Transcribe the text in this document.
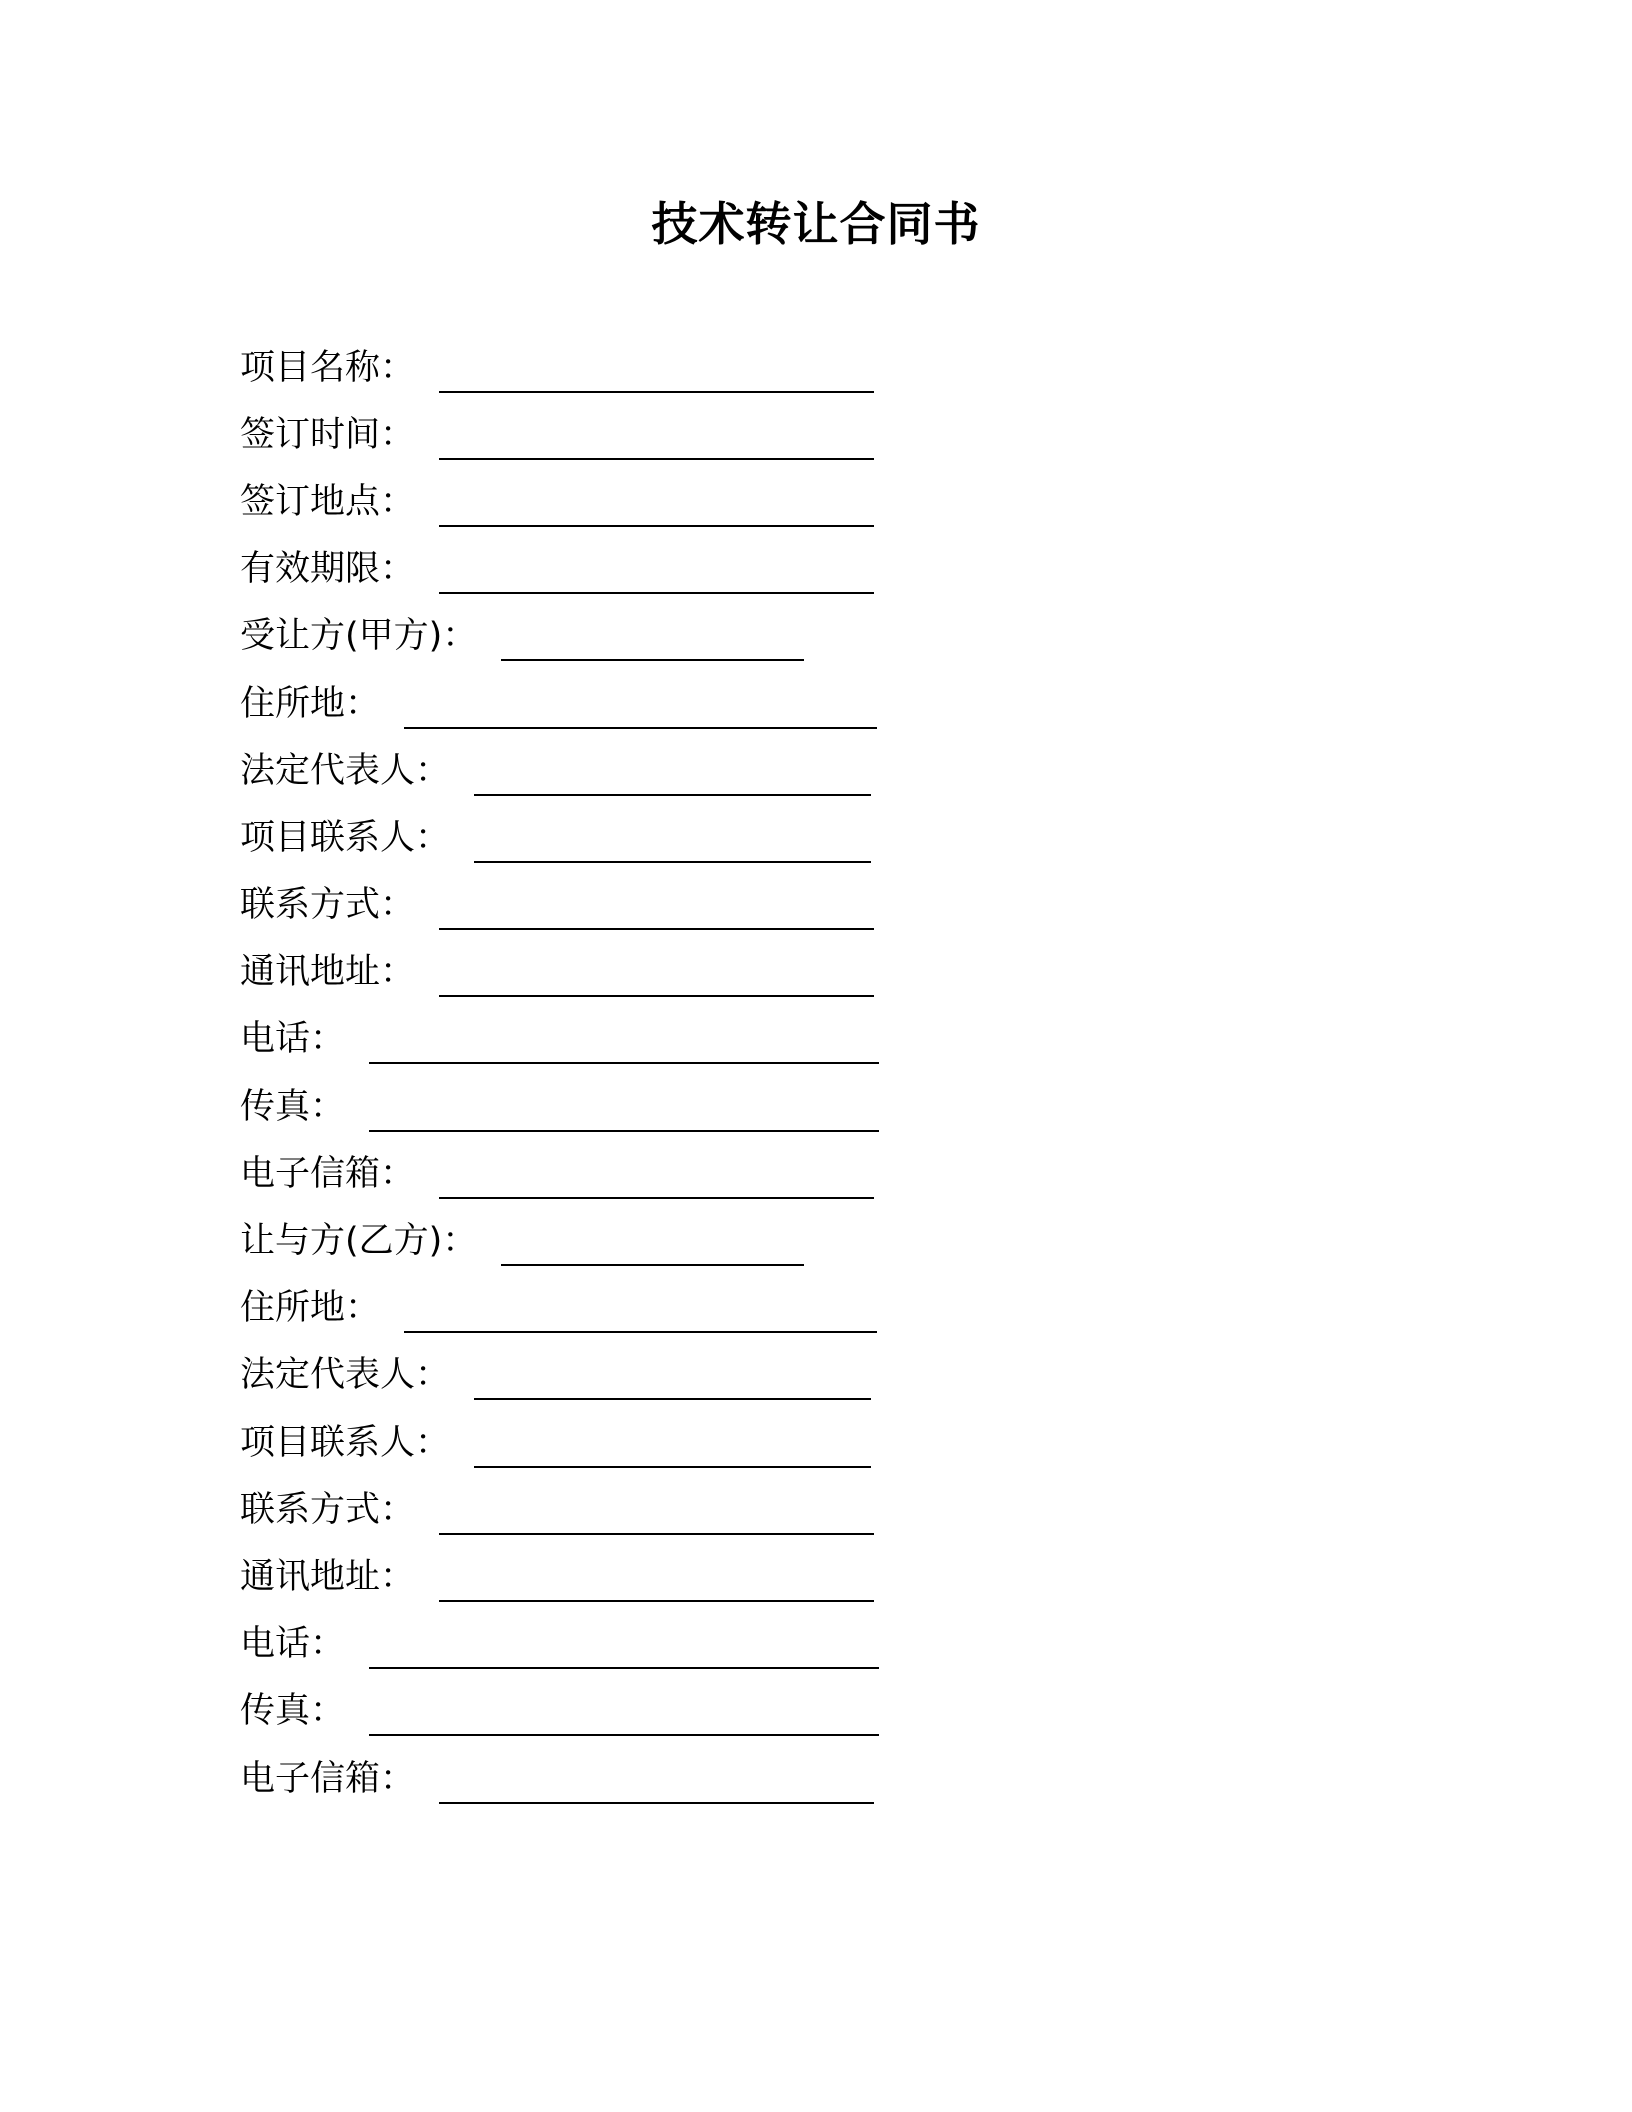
技术转让合同书
项目名称：
签订时间：
签订地点：
有效期限：
受让方(甲方)：
住所地：
法定代表人：
项目联系人：
联系方式：
通讯地址：
电话：
传真：
电子信箱：
让与方(乙方)：
住所地：
法定代表人：
项目联系人：
联系方式：
通讯地址：
电话：
传真：
电子信箱：
